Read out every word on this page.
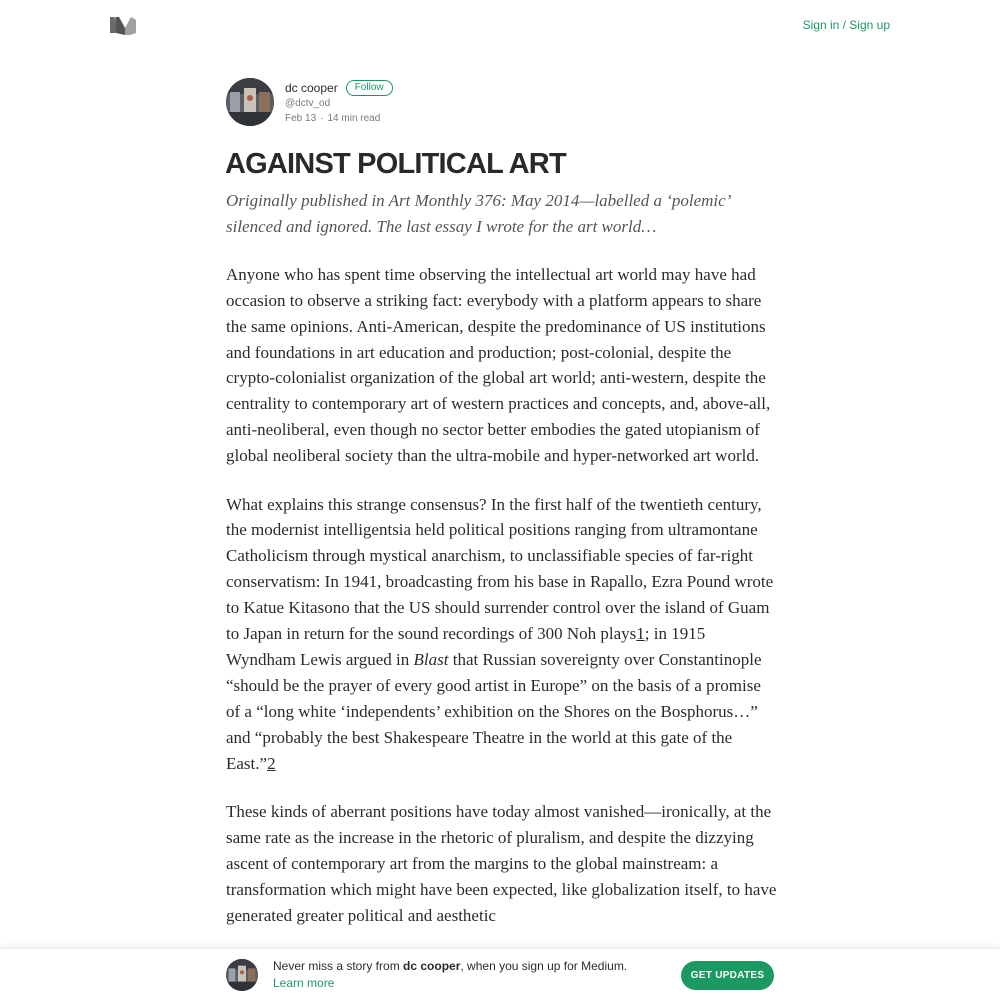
Sign in / Sign up
dc cooper	Follow
@dctv_od
Feb 13 · 14 min read
AGAINST POLITICAL ART
Originally published in Art Monthly 376: May 2014—labelled a ‘polemic’ silenced and ignored. The last essay I wrote for the art world…

Anyone who has spent time observing the intellectual art world may have had occasion to observe a striking fact: everybody with a platform appears to share the same opinions. Anti-American, despite the predominance of US institutions and foundations in art education and production; post-colonial, despite the crypto-colonialist organization of the global art world; anti-western, despite the centrality to contemporary art of western practices and concepts, and, above-all, anti-neoliberal, even though no sector better embodies the gated utopianism of global neoliberal society than the ultra-mobile and hyper-networked art world.

What explains this strange consensus? In the first half of the twentieth century, the modernist intelligentsia held political positions ranging from ultramontane Catholicism through mystical anarchism, to unclassifiable species of far-right conservatism: In 1941, broadcasting from his base in Rapallo, Ezra Pound wrote to Katue Kitasono that the US should surrender control over the island of Guam to Japan in return for the sound recordings of 300 Noh plays1; in 1915 Wyndham Lewis argued in Blast that Russian sovereignty over Constantinople “should be the prayer of every good artist in Europe” on the basis of a promise of a “long white ‘independents’ exhibition on the Shores on the Bosphorus…” and “probably the best Shakespeare Theatre in the world at this gate of the East.”2

These kinds of aberrant positions have today almost vanished—ironically, at the same rate as the increase in the rhetoric of pluralism, and despite the dizzying ascent of contemporary art from the margins to the global mainstream: a transformation which might have been expected, like globalization itself, to have generated greater political and aesthetic

Never miss a story from dc cooper, when you sign up for Medium. Learn more
GET UPDATES
